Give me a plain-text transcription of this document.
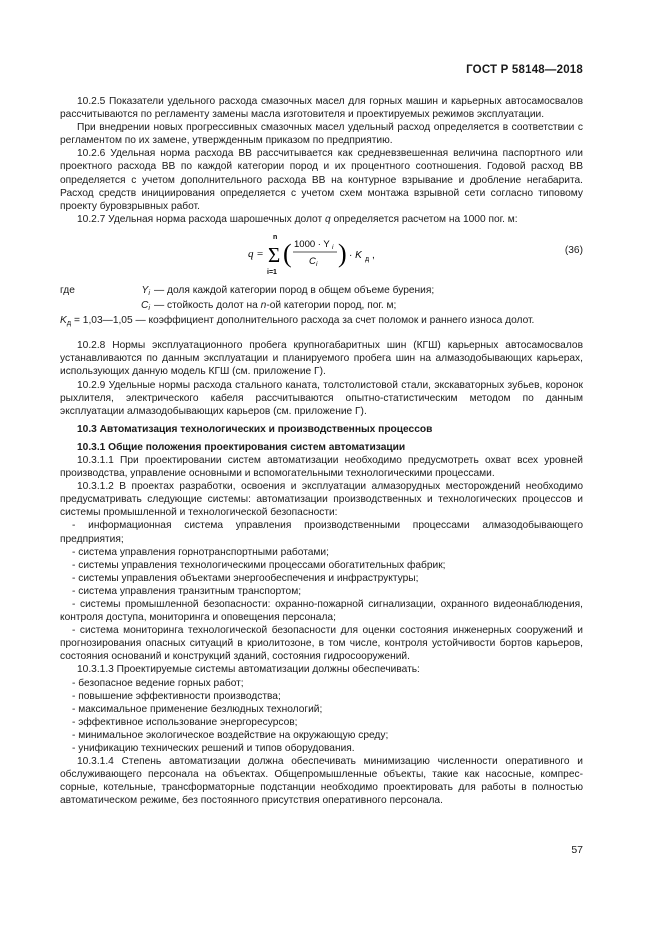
ГОСТ Р 58148—2018

10.2.5 Показатели удельного расхода смазочных масел для горных машин и карьерных автосамосвалов рассчитываются по регламенту замены масла изготовителя и проектируемых режимов эксплуатации.

При внедрении новых прогрессивных смазочных масел удельный расход определяется в соответствии с регламентом по их замене, утвержденным приказом по предприятию.

10.2.6 Удельная норма расхода ВВ рассчитывается как средневзвешенная величина паспортного или проектного расхода ВВ по каждой категории пород и их процентного соотношения. Годовой расход ВВ определяется с учетом дополнительного расхода ВВ на контурное взрывание и дробление негабарита. Расход средств инициирования определяется с учетом схем монтажа взрывной сети согласно типовому проекту буровзрывных работ.

10.2.7 Удельная норма расхода шарошечных долот q определяется расчетом на 1000 пог. м:

q =
n
Σ
i=1
( 1000 · Y i
C i ) · K д ,	(36)
где	$Y_i$ — доля каждой категории пород в общем объеме бурения;
$C_i$ — стойкость долот на n-ой категории пород, пог. м;

$K_д$ = 1,03—1,05 — коэффициент дополнительного расхода за счет поломок и раннего износа долот.

10.2.8 Нормы эксплуатационного пробега крупногабаритных шин (КГШ) карьерных автосамосвалов устанавливаются по данным эксплуатации и планируемого пробега шин на алмазодобывающих карьерах, использующих данную модель КГШ (см. приложение Г).

10.2.9 Удельные нормы расхода стального каната, толстолистовой стали, экскаваторных зубьев, коронок рыхлителя, электрического кабеля рассчитываются опытно-статистическим методом по данным эксплуатации алмазодобывающих карьеров (см. приложение Г).

10.3 Автоматизация технологических и производственных процессов

10.3.1 Общие положения проектирования систем автоматизации

10.3.1.1 При проектировании систем автоматизации необходимо предусмотреть охват всех уровней производства, управление основными и вспомогательными технологическими процессами.

10.3.1.2 В проектах разработки, освоения и эксплуатации алмазорудных месторождений необходимо предусматривать следующие системы: автоматизации производственных и технологических процессов и системы промышленной и технологической безопасности:

- информационная система управления производственными процессами алмазодобывающего предприятия;

- система управления горнотранспортными работами;

- системы управления технологическими процессами обогатительных фабрик;

- системы управления объектами энергообеспечения и инфраструктуры;

- система управления транзитным транспортом;

- системы промышленной безопасности: охранно-пожарной сигнализации, охранного видеонаблюдения, контроля доступа, мониторинга и оповещения персонала;

- система мониторинга технологической безопасности для оценки состояния инженерных сооружений и прогнозирования опасных ситуаций в криолитозоне, в том числе, контроля устойчивости бортов карьеров, состояния оснований и конструкций зданий, состояния гидросооружений.

10.3.1.3 Проектируемые системы автоматизации должны обеспечивать:

- безопасное ведение горных работ;

- повышение эффективности производства;

- максимальное применение безлюдных технологий;

- эффективное использование энергоресурсов;

- минимальное экологическое воздействие на окружающую среду;

- унификацию технических решений и типов оборудования.

10.3.1.4 Степень автоматизации должна обеспечивать минимизацию численности оперативного и обслуживающего персонала на объектах. Общепромышленные объекты, такие как насосные, компрессорные, котельные, трансформаторные подстанции необходимо проектировать для работы в полностью автоматическом режиме, без постоянного присутствия оперативного персонала.

57
